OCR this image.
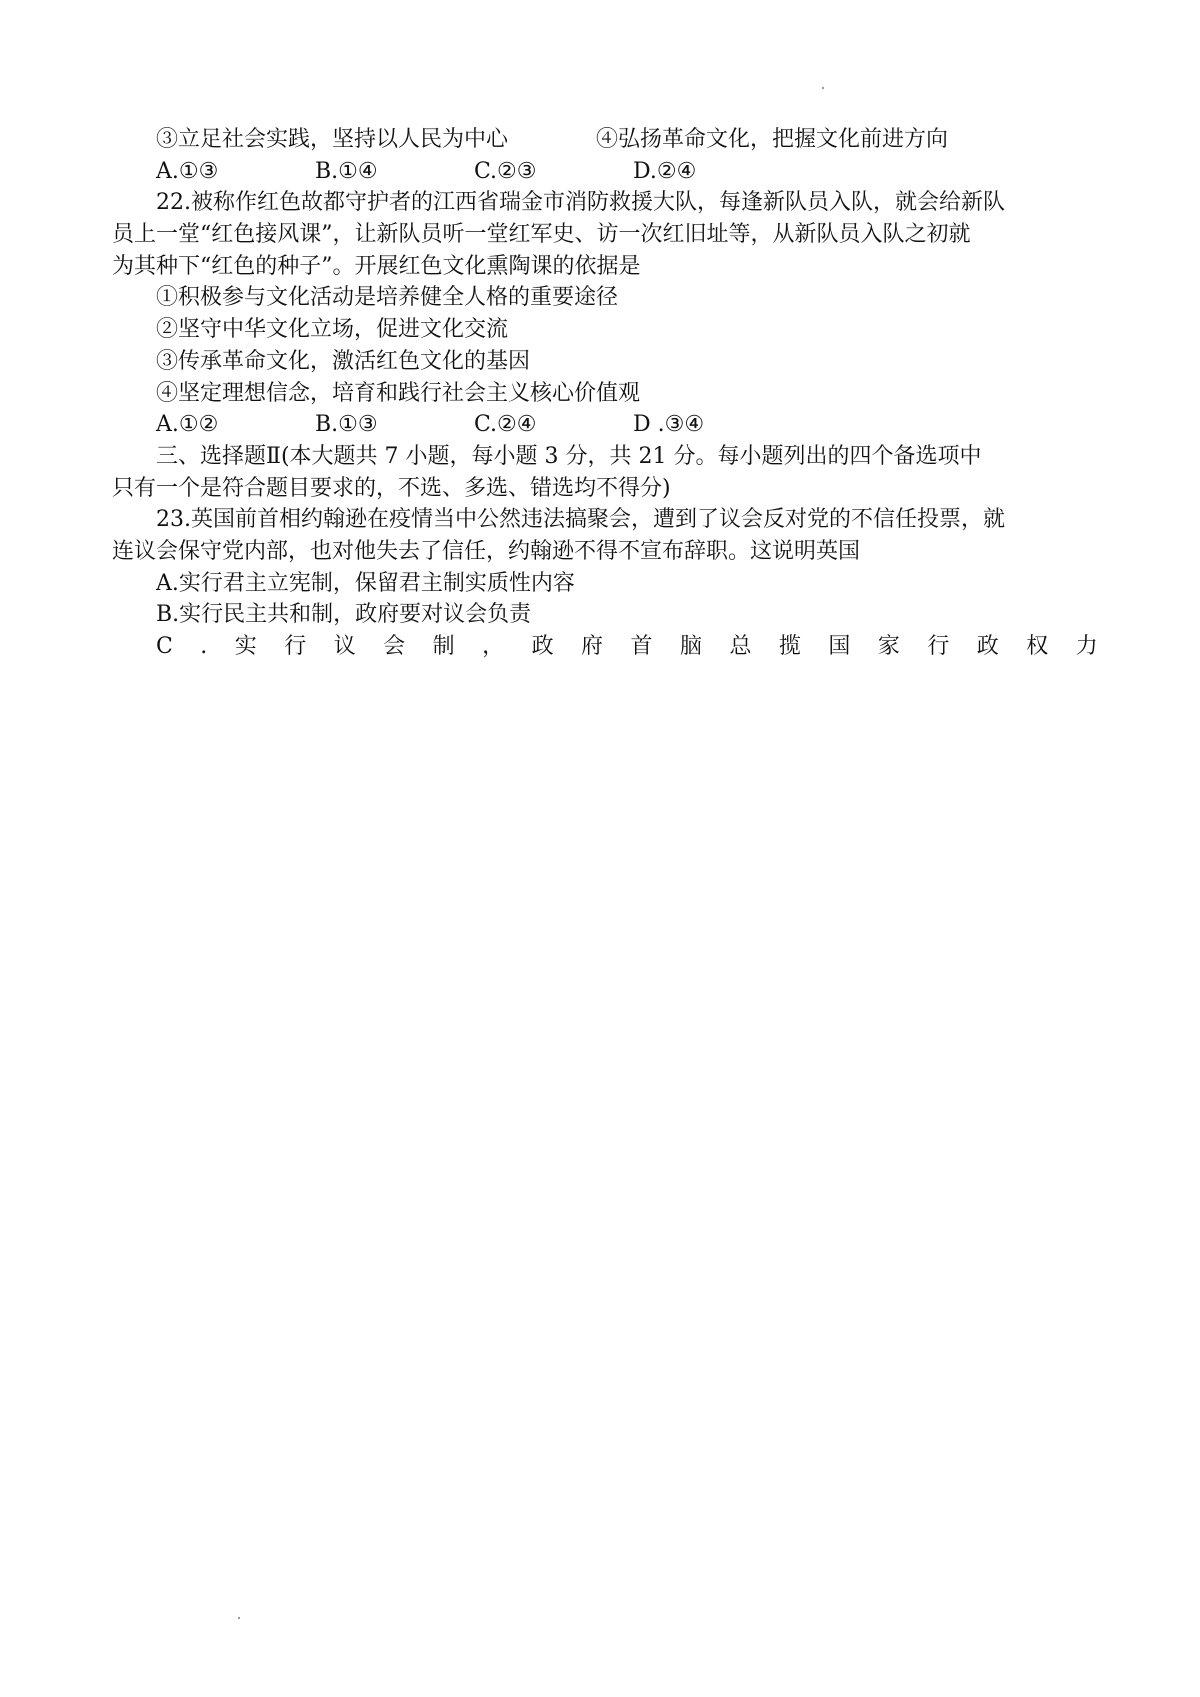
③立足社会实践，坚持以人民为中心	④弘扬革命文化，把握文化前进方向
A.①③	B.①④	C.②③	D.②④
22.被称作红色故都守护者的江西省瑞金市消防救援大队，每逢新队员入队，就会给新队
员上一堂“红色接风课”，让新队员听一堂红军史、访一次红旧址等，从新队员入队之初就
为其种下“红色的种子”。开展红色文化熏陶课的依据是
①积极参与文化活动是培养健全人格的重要途径
②坚守中华文化立场，促进文化交流
③传承革命文化，激活红色文化的基因
④坚定理想信念，培育和践行社会主义核心价值观
A.①②	B.①③	C.②④	D .③④
三、选择题Ⅱ(本大题共 7 小题，每小题 3 分，共 21 分。每小题列出的四个备选项中
只有一个是符合题目要求的，不选、多选、错选均不得分)
23.英国前首相约翰逊在疫情当中公然违法搞聚会，遭到了议会反对党的不信任投票，就
连议会保守党内部，也对他失去了信任，约翰逊不得不宣布辞职。这说明英国
A.实行君主立宪制，保留君主制实质性内容
B.实行民主共和制，政府要对议会负责
C . 实 行 议 会 制 ， 政 府 首 脑 总 揽 国 家 行 政 权 力
